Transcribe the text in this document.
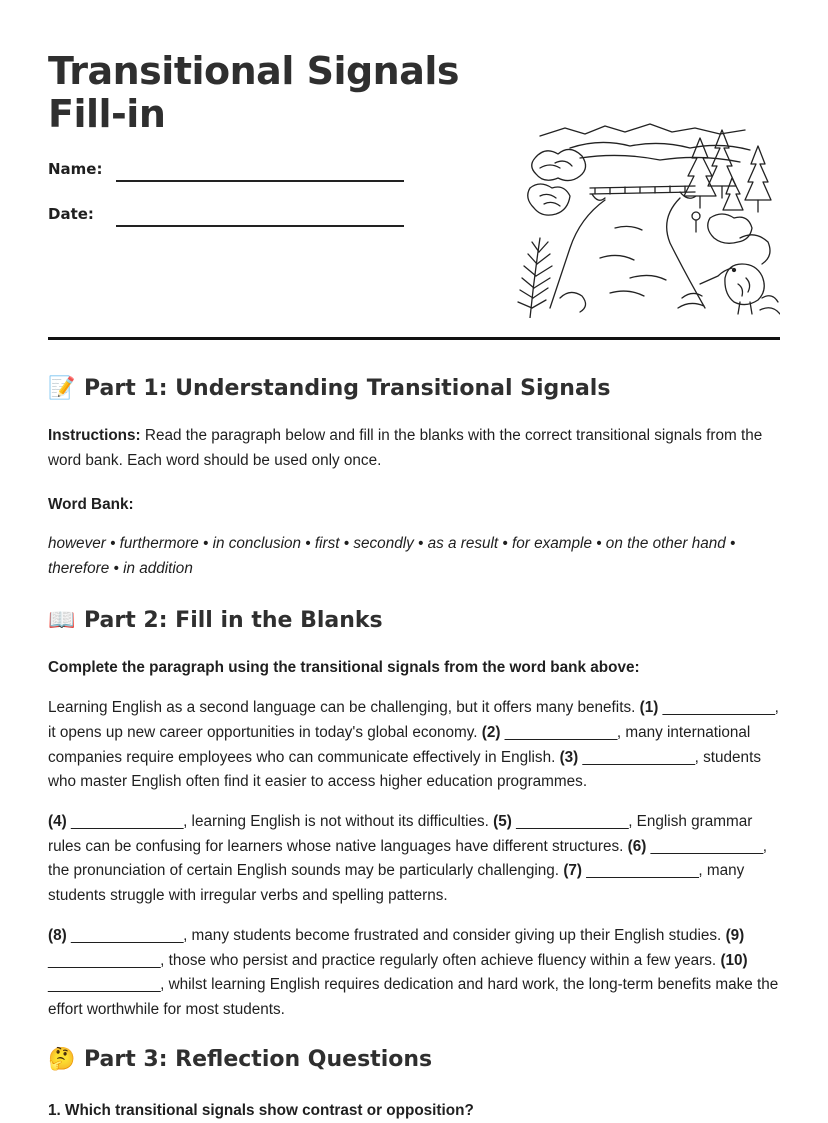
Transitional Signals Fill-in
Name:
Date:
📝 Part 1: Understanding Transitional Signals

Instructions: Read the paragraph below and fill in the blanks with the correct transitional signals from the word bank. Each word should be used only once.

Word Bank:

however • furthermore • in conclusion • first • secondly • as a result • for example • on the other hand • therefore • in addition

📖 Part 2: Fill in the Blanks

Complete the paragraph using the transitional signals from the word bank above:

Learning English as a second language can be challenging, but it offers many benefits. (1) ______________, it opens up new career opportunities in today's global economy. (2) ______________, many international companies require employees who can communicate effectively in English. (3) ______________, students who master English often find it easier to access higher education programmes.

(4) ______________, learning English is not without its difficulties. (5) ______________, English grammar rules can be confusing for learners whose native languages have different structures. (6) ______________, the pronunciation of certain English sounds may be particularly challenging. (7) ______________, many students struggle with irregular verbs and spelling patterns.

(8) ______________, many students become frustrated and consider giving up their English studies. (9) ______________, those who persist and practice regularly often achieve fluency within a few years. (10) ______________, whilst learning English requires dedication and hard work, the long-term benefits make the effort worthwhile for most students.

🤔 Part 3: Reflection Questions

1. Which transitional signals show contrast or opposition?
